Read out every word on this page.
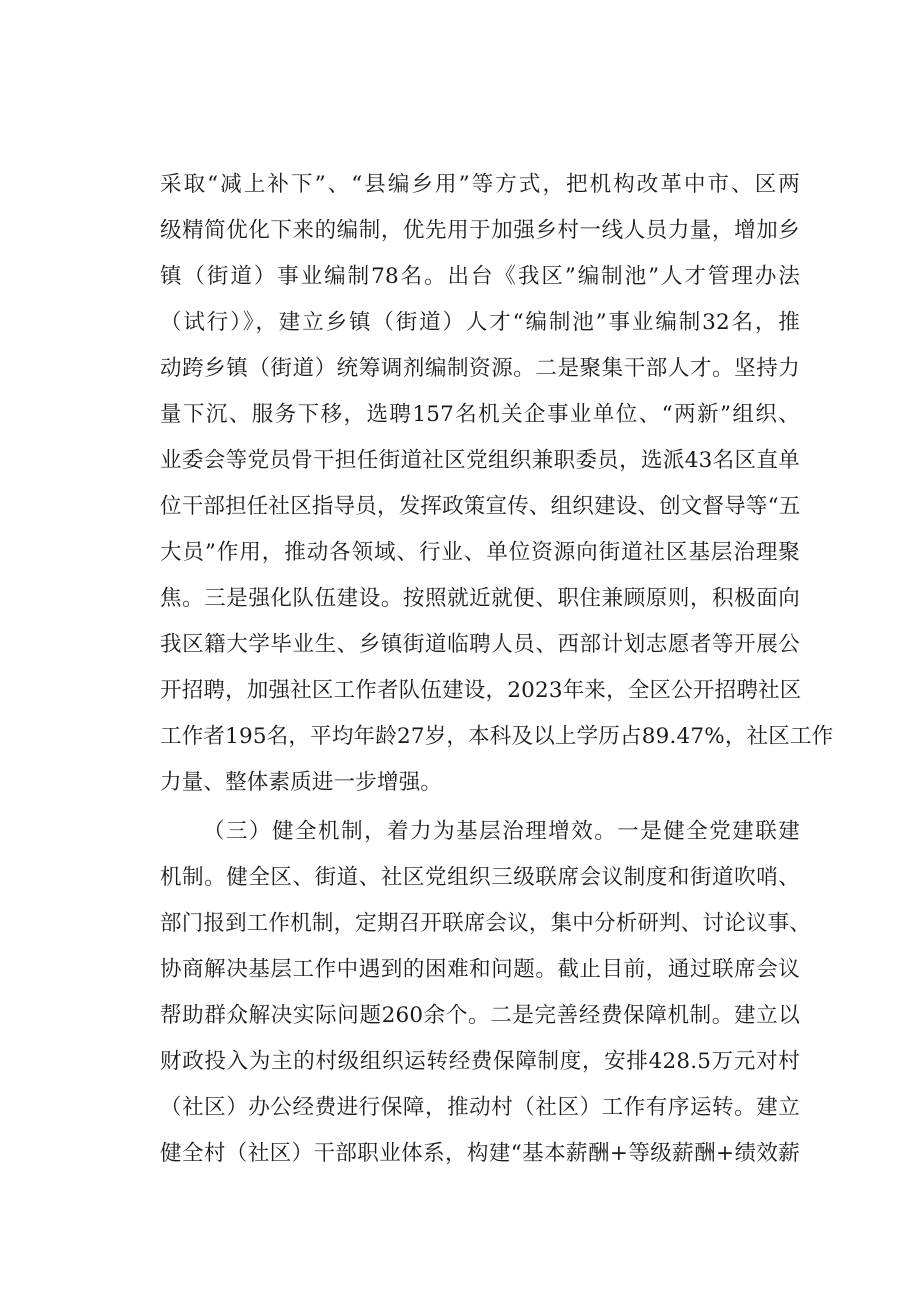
采取“减上补下”、“县编乡用”等方式，把机构改革中市、区两
级精简优化下来的编制，优先用于加强乡村一线人员力量，增加乡
镇（街道）事业编制78名。出台《我区”编制池”人才管理办法
（试行）》，建立乡镇（街道）人才“编制池”事业编制32名，推
动跨乡镇（街道）统筹调剂编制资源。二是聚集干部人才。坚持力
量下沉、服务下移，选聘157名机关企事业单位、“两新”组织、
业委会等党员骨干担任街道社区党组织兼职委员，选派43名区直单
位干部担任社区指导员，发挥政策宣传、组织建设、创文督导等“五
大员”作用，推动各领域、行业、单位资源向街道社区基层治理聚
焦。三是强化队伍建设。按照就近就便、职住兼顾原则，积极面向
我区籍大学毕业生、乡镇街道临聘人员、西部计划志愿者等开展公
开招聘，加强社区工作者队伍建设，2023年来，全区公开招聘社区
工作者195名，平均年龄27岁，本科及以上学历占89.47%，社区工作
力量、整体素质进一步增强。
（三）健全机制，着力为基层治理增效。一是健全党建联建
机制。健全区、街道、社区党组织三级联席会议制度和街道吹哨、
部门报到工作机制，定期召开联席会议，集中分析研判、讨论议事、
协商解决基层工作中遇到的困难和问题。截止目前，通过联席会议
帮助群众解决实际问题260余个。二是完善经费保障机制。建立以
财政投入为主的村级组织运转经费保障制度，安排428.5万元对村
（社区）办公经费进行保障，推动村（社区）工作有序运转。建立
健全村（社区）干部职业体系，构建“基本薪酬+等级薪酬+绩效薪
